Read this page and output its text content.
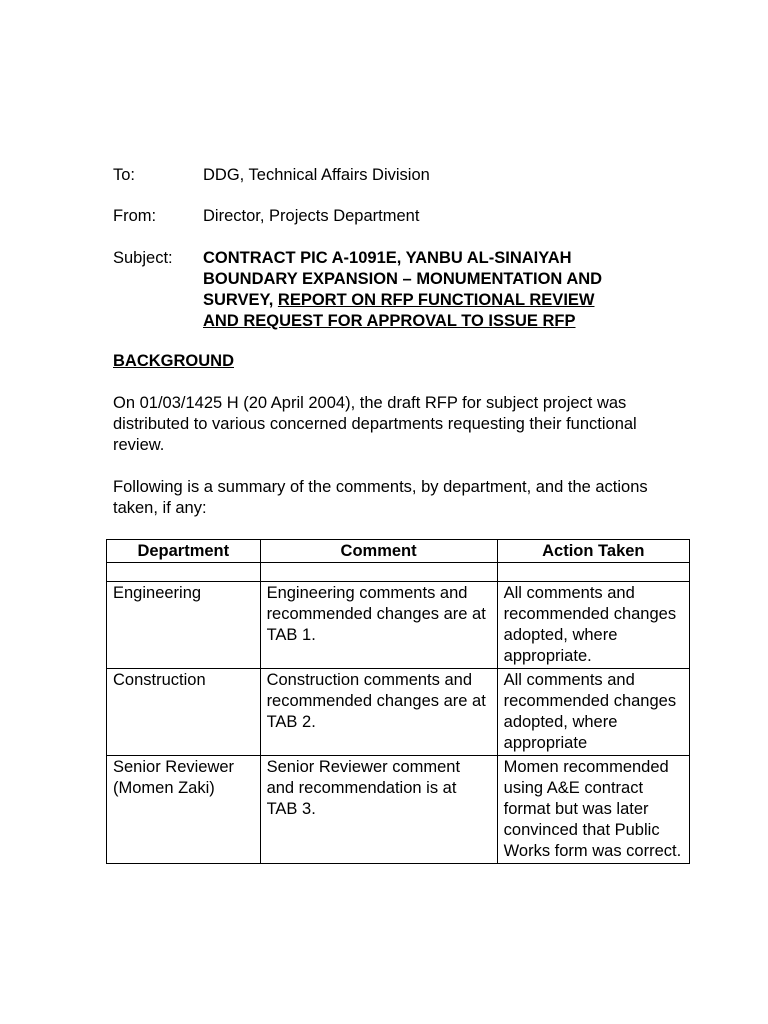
To:	DDG, Technical Affairs Division
From:	Director, Projects Department
Subject:	CONTRACT PIC A-1091E, YANBU AL-SINAIYAH
BOUNDARY EXPANSION – MONUMENTATION AND
SURVEY, REPORT ON RFP FUNCTIONAL REVIEW
AND REQUEST FOR APPROVAL TO ISSUE RFP
BACKGROUND
On 01/03/1425 H (20 April 2004), the draft RFP for subject project was distributed to various concerned departments requesting their functional review.
Following is a summary of the comments, by department, and the actions taken, if any:
Department	Comment	Action Taken

Engineering	Engineering comments and recommended changes are at TAB 1.	All comments and recommended changes adopted, where appropriate.
Construction	Construction comments and recommended changes are at TAB 2.	All comments and recommended changes adopted, where appropriate
Senior Reviewer (Momen Zaki)	Senior Reviewer comment and recommendation is at TAB 3.	Momen recommended using A&E contract format but was later convinced that Public Works form was correct.
